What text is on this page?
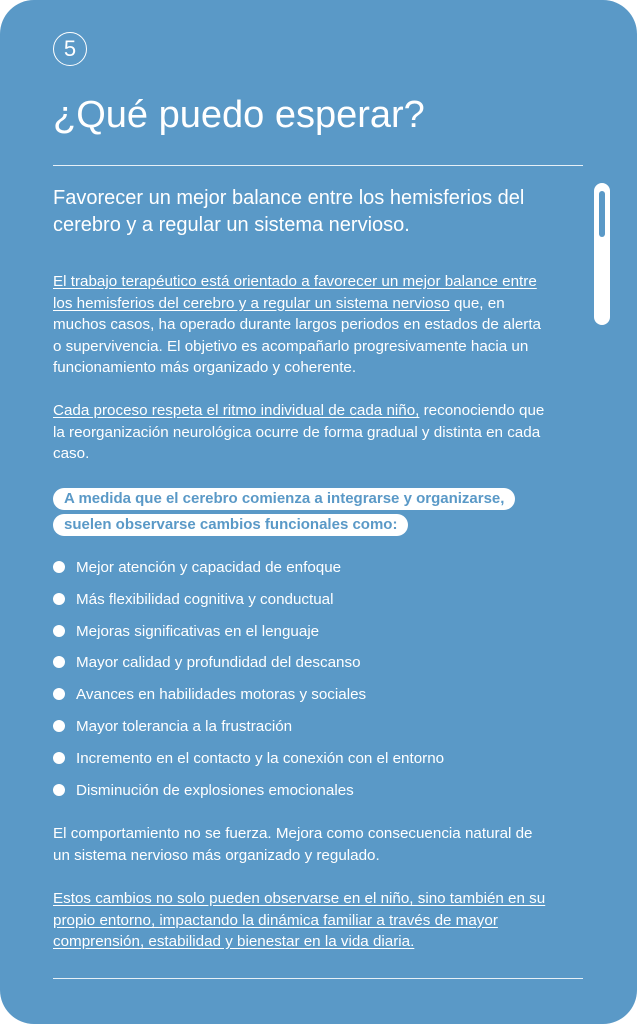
5
¿Qué puedo esperar?

Favorecer un mejor balance entre los hemisferios del cerebro y a regular un sistema nervioso.

El trabajo terapéutico está orientado a favorecer un mejor balance entre los hemisferios del cerebro y a regular un sistema nervioso que, en muchos casos, ha operado durante largos periodos en estados de alerta o supervivencia. El objetivo es acompañarlo progresivamente hacia un funcionamiento más organizado y coherente.

Cada proceso respeta el ritmo individual de cada niño, reconociendo que la reorganización neurológica ocurre de forma gradual y distinta en cada caso.

A medida que el cerebro comienza a integrarse y organizarse,
suelen observarse cambios funcionales como:
Mejor atención y capacidad de enfoque
Más flexibilidad cognitiva y conductual
Mejoras significativas en el lenguaje
Mayor calidad y profundidad del descanso
Avances en habilidades motoras y sociales
Mayor tolerancia a la frustración
Incremento en el contacto y la conexión con el entorno
Disminución de explosiones emocionales

El comportamiento no se fuerza. Mejora como consecuencia natural de un sistema nervioso más organizado y regulado.

Estos cambios no solo pueden observarse en el niño, sino también en su propio entorno, impactando la dinámica familiar a través de mayor comprensión, estabilidad y bienestar en la vida diaria.
